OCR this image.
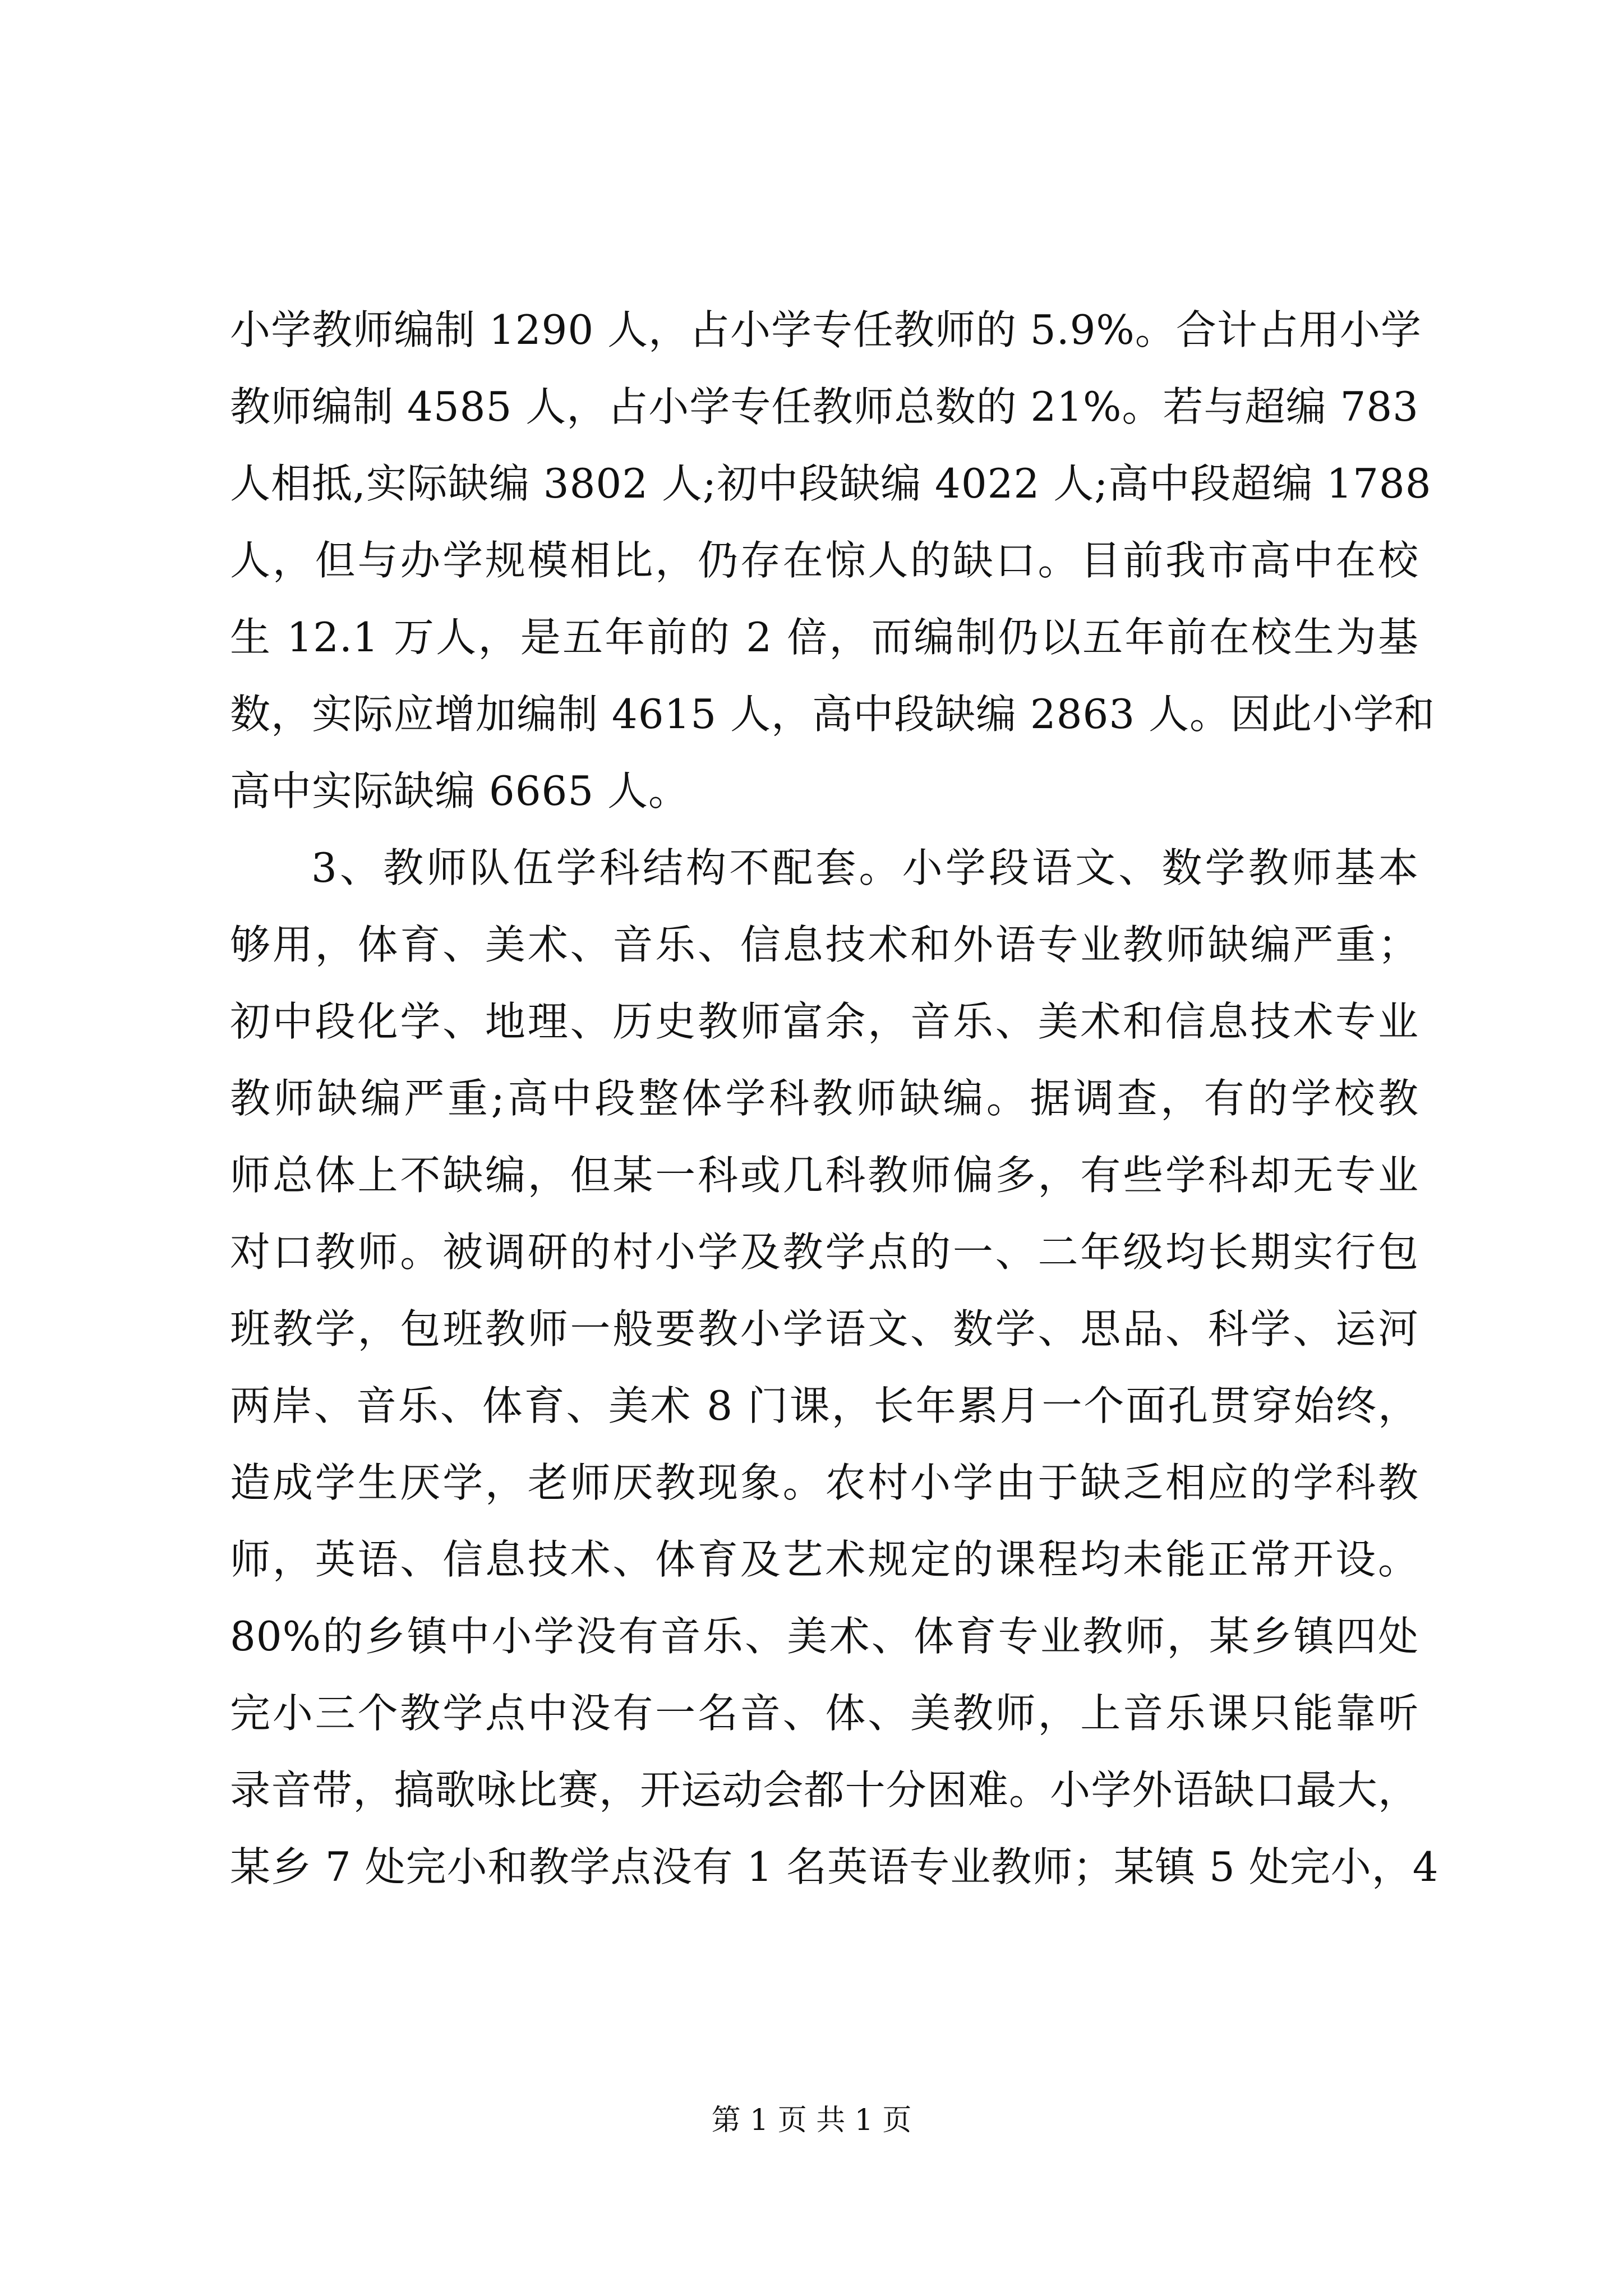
小学教师编制 1290 人，占小学专任教师的 5.9%。合计占用小学
教师编制 4585 人，占小学专任教师总数的 21%。若与超编 783
人相抵,实际缺编 3802 人;初中段缺编 4022 人;高中段超编 1788
人，但与办学规模相比，仍存在惊人的缺口。目前我市高中在校
生 12.1 万人，是五年前的 2 倍，而编制仍以五年前在校生为基
数，实际应增加编制 4615 人，高中段缺编 2863 人。因此小学和
高中实际缺编 6665 人。
3、教师队伍学科结构不配套。小学段语文、数学教师基本
够用，体育、美术、音乐、信息技术和外语专业教师缺编严重；
初中段化学、地理、历史教师富余，音乐、美术和信息技术专业
教师缺编严重;高中段整体学科教师缺编。据调查，有的学校教
师总体上不缺编，但某一科或几科教师偏多，有些学科却无专业
对口教师。被调研的村小学及教学点的一、二年级均长期实行包
班教学，包班教师一般要教小学语文、数学、思品、科学、运河
两岸、音乐、体育、美术 8 门课，长年累月一个面孔贯穿始终，
造成学生厌学，老师厌教现象。农村小学由于缺乏相应的学科教
师，英语、信息技术、体育及艺术规定的课程均未能正常开设。
80%的乡镇中小学没有音乐、美术、体育专业教师，某乡镇四处
完小三个教学点中没有一名音、体、美教师，上音乐课只能靠听
录音带，搞歌咏比赛，开运动会都十分困难。小学外语缺口最大，
某乡 7 处完小和教学点没有 1 名英语专业教师；某镇 5 处完小，4
第 1 页 共 1 页
